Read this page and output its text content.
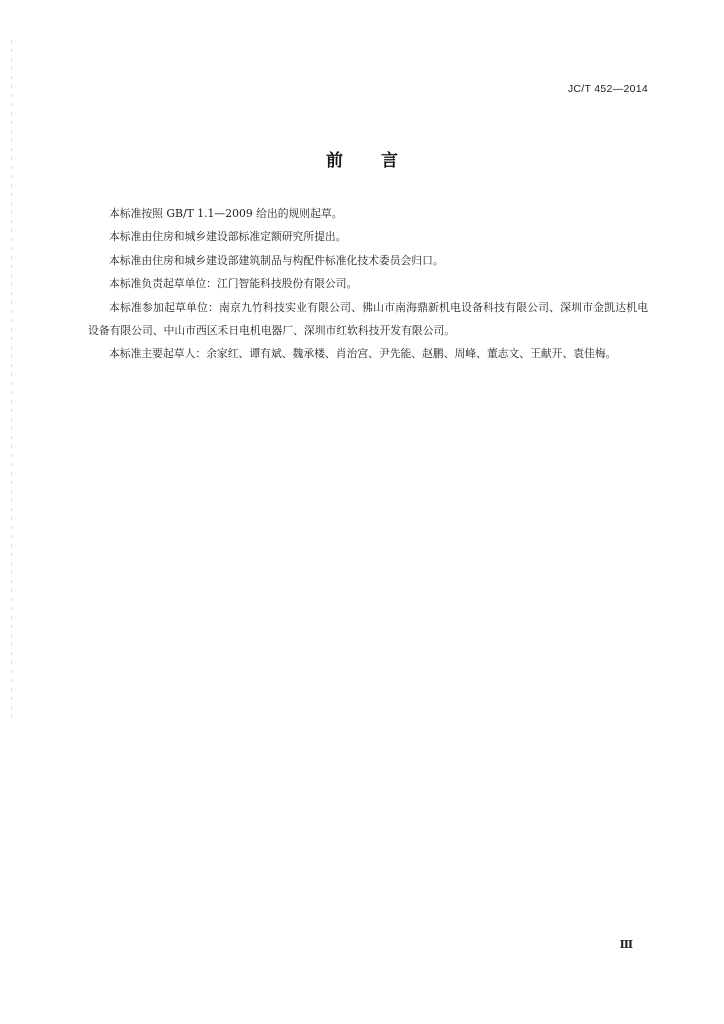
JC/T 452—2014
前 言

本标准按照 GB/T 1.1—2009 给出的规则起草。

本标准由住房和城乡建设部标准定额研究所提出。

本标准由住房和城乡建设部建筑制品与构配件标准化技术委员会归口。

本标准负责起草单位：江门智能科技股份有限公司。

本标准参加起草单位：南京九竹科技实业有限公司、佛山市南海鼎新机电设备科技有限公司、深圳市金凯达机电设备有限公司、中山市西区禾日电机电器厂、深圳市红软科技开发有限公司。

本标准主要起草人：余家红、谭有斌、魏承楼、肖治宫、尹先能、赵鹏、周峰、董志文、王献开、袁佳梅。

Ⅲ
